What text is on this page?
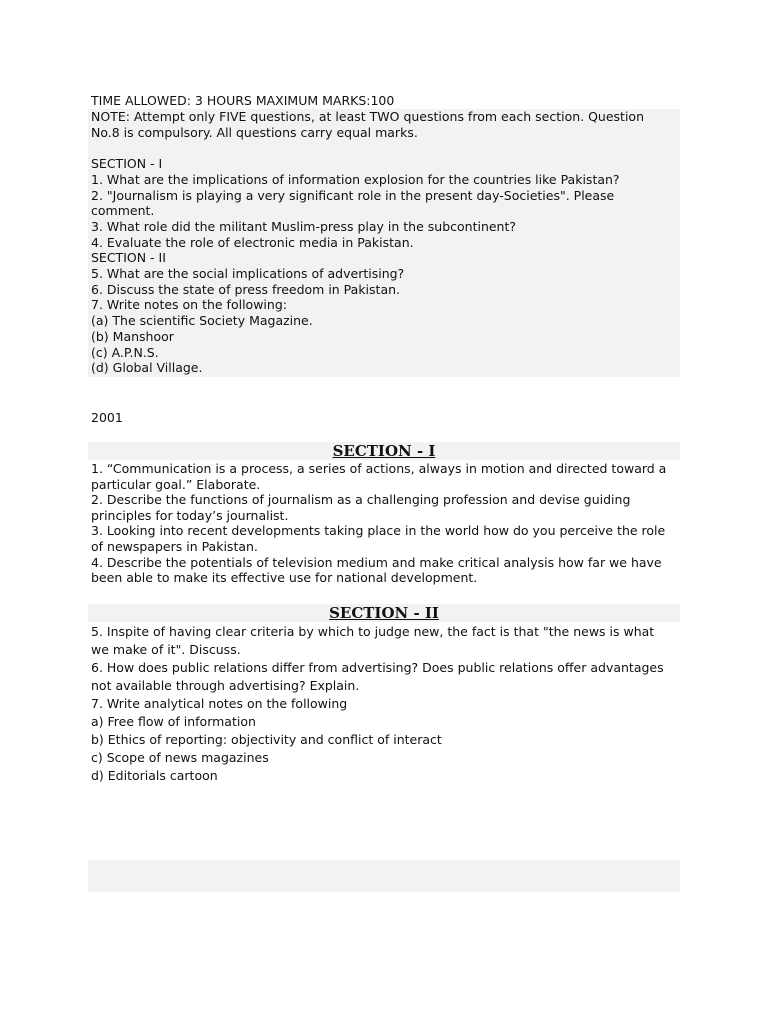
TIME ALLOWED: 3 HOURS MAXIMUM MARKS:100
NOTE: Attempt only FIVE questions, at least TWO questions from each section. Question
No.8 is compulsory. All questions carry equal marks.
SECTION - I
1. What are the implications of information explosion for the countries like Pakistan?
2. "Journalism is playing a very significant role in the present day-Societies". Please
comment.
3. What role did the militant Muslim-press play in the subcontinent?
4. Evaluate the role of electronic media in Pakistan.
SECTION - II
5. What are the social implications of advertising?
6. Discuss the state of press freedom in Pakistan.
7. Write notes on the following:
(a) The scientific Society Magazine.
(b) Manshoor
(c) A.P.N.S.
(d) Global Village.
2001
SECTION - I
1. “Communication is a process, a series of actions, always in motion and directed toward a
particular goal.” Elaborate.
2. Describe the functions of journalism as a challenging profession and devise guiding
principles for today’s journalist.
3. Looking into recent developments taking place in the world how do you perceive the role
of newspapers in Pakistan.
4. Describe the potentials of television medium and make critical analysis how far we have
been able to make its effective use for national development.
SECTION - II
5. Inspite of having clear criteria by which to judge new, the fact is that "the news is what
we make of it". Discuss.
6. How does public relations differ from advertising? Does public relations offer advantages
not available through advertising? Explain.
7. Write analytical notes on the following
a) Free flow of information
b) Ethics of reporting: objectivity and conflict of interact
c) Scope of news magazines
d) Editorials cartoon
